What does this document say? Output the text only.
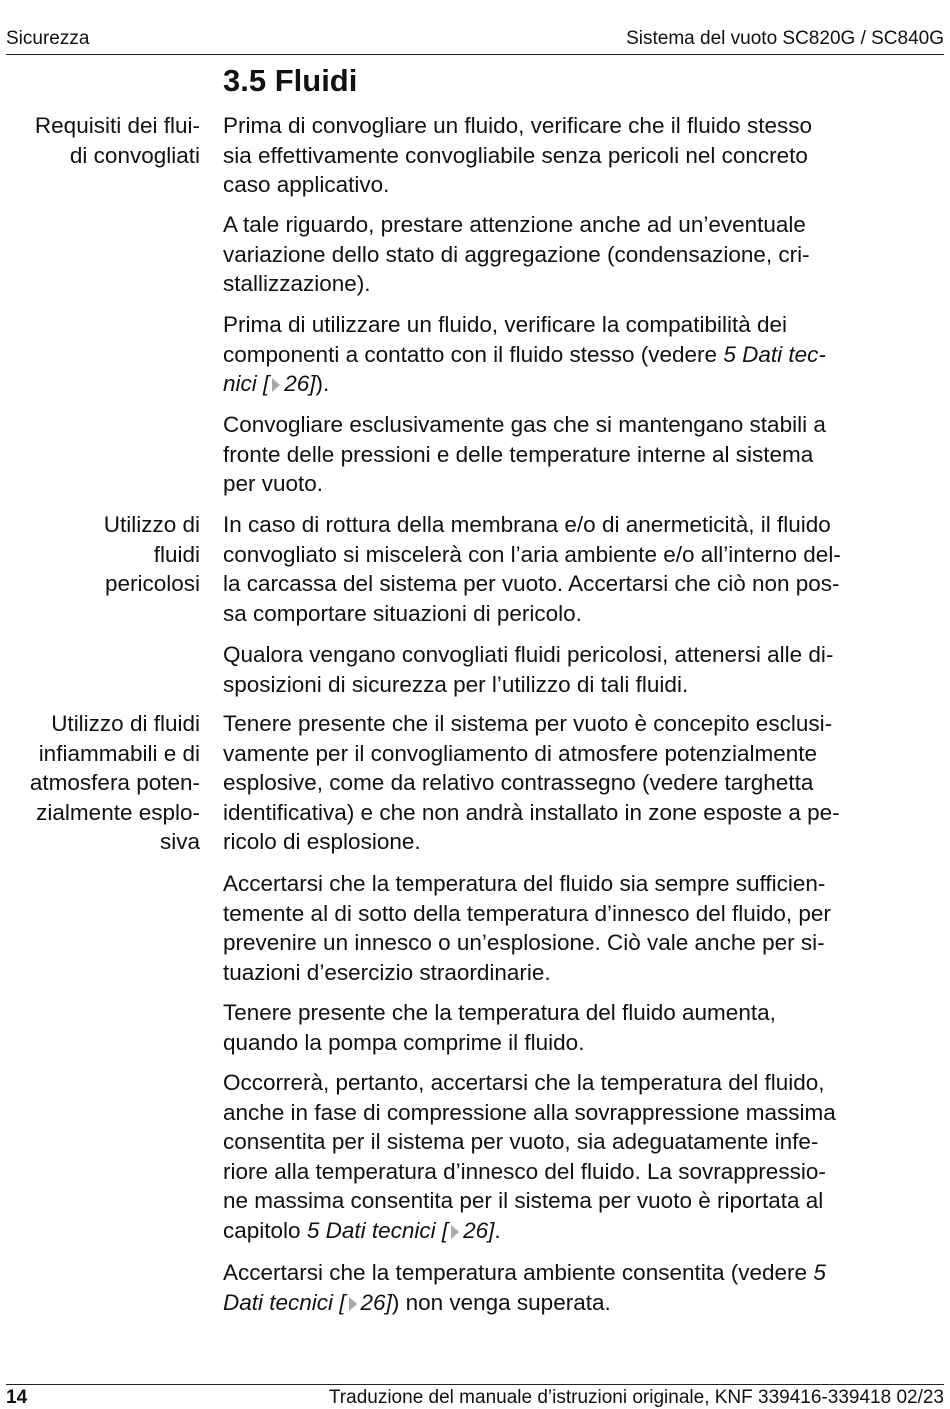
Sicurezza	Sistema del vuoto SC820G / SC840G
3.5 Fluidi
Requisiti dei flui-
di convogliati
Utilizzo di
fluidi
pericolosi
Utilizzo di fluidi
infiammabili e di
atmosfera poten-
zialmente esplo-
siva
Prima di convogliare un fluido, verificare che il fluido stesso
sia effettivamente convogliabile senza pericoli nel concreto
caso applicativo.
A tale riguardo, prestare attenzione anche ad un’eventuale
variazione dello stato di aggregazione (condensazione, cri-
stallizzazione).
Prima di utilizzare un fluido, verificare la compatibilità dei
componenti a contatto con il fluido stesso (vedere 5 Dati tec-
nici [ 26]).
Convogliare esclusivamente gas che si mantengano stabili a
fronte delle pressioni e delle temperature interne al sistema
per vuoto.
In caso di rottura della membrana e/o di anermeticità, il fluido
convogliato si miscelerà con l’aria ambiente e/o all’interno del-
la carcassa del sistema per vuoto. Accertarsi che ciò non pos-
sa comportare situazioni di pericolo.
Qualora vengano convogliati fluidi pericolosi, attenersi alle di-
sposizioni di sicurezza per l’utilizzo di tali fluidi.
Tenere presente che il sistema per vuoto è concepito esclusi-
vamente per il convogliamento di atmosfere potenzialmente
esplosive, come da relativo contrassegno (vedere targhetta
identificativa) e che non andrà installato in zone esposte a pe-
ricolo di esplosione.
Accertarsi che la temperatura del fluido sia sempre sufficien-
temente al di sotto della temperatura d’innesco del fluido, per
prevenire un innesco o un’esplosione. Ciò vale anche per si-
tuazioni d’esercizio straordinarie.
Tenere presente che la temperatura del fluido aumenta,
quando la pompa comprime il fluido.
Occorrerà, pertanto, accertarsi che la temperatura del fluido,
anche in fase di compressione alla sovrappressione massima
consentita per il sistema per vuoto, sia adeguatamente infe-
riore alla temperatura d’innesco del fluido. La sovrappressio-
ne massima consentita per il sistema per vuoto è riportata al
capitolo 5 Dati tecnici [ 26].
Accertarsi che la temperatura ambiente consentita (vedere 5
Dati tecnici [ 26]) non venga superata.
14	Traduzione del manuale d’istruzioni originale, KNF 339416-339418 02/23
